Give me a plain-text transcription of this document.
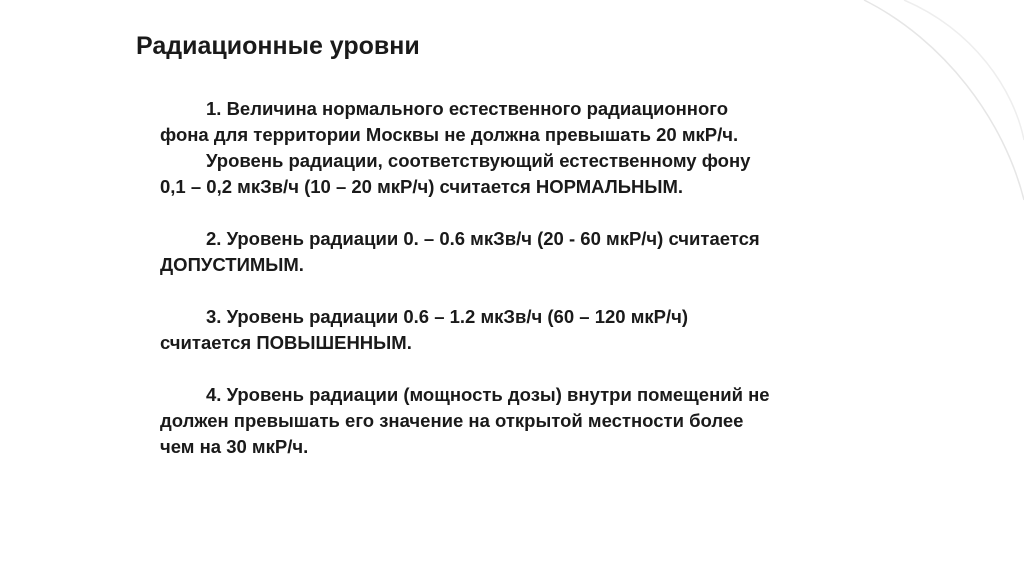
Радиационные уровни

1. Величина нормального естественного радиационного
фона для территории Москвы не должна превышать 20 мкР/ч.
Уровень радиации, соответствующий естественному фону
0,1 – 0,2 мкЗв/ч (10 – 20 мкР/ч) считается НОРМАЛЬНЫМ.

2. Уровень радиации 0. – 0.6 мкЗв/ч (20 - 60 мкР/ч) считается
ДОПУСТИМЫМ.

3. Уровень радиации 0.6 – 1.2 мкЗв/ч (60 – 120 мкР/ч)
считается ПОВЫШЕННЫМ.

4. Уровень радиации (мощность дозы) внутри помещений не
должен превышать его значение на открытой местности более
чем на 30 мкР/ч.
